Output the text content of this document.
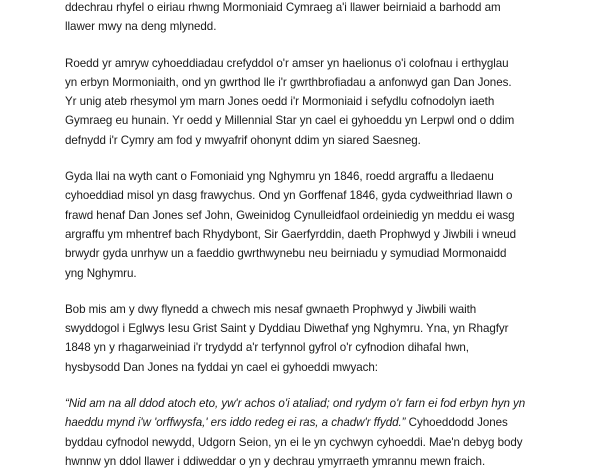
ddechrau rhyfel o eiriau rhwng Mormoniaid Cymraeg a'i llawer beirniaid a barhodd am
llawer mwy na deng mlynedd.
Roedd yr amryw cyhoeddiadau crefyddol o'r amser yn haelionus o'i colofnau i erthyglau
yn erbyn Mormoniaith, ond yn gwrthod lle i'r gwrthbrofiadau a anfonwyd gan Dan Jones.
Yr unig ateb rhesymol ym marn Jones oedd i'r Mormoniaid i sefydlu cofnodolyn iaeth
Gymraeg eu hunain. Yr oedd y Millennial Star yn cael ei gyhoeddu yn Lerpwl ond o ddim
defnydd i'r Cymry am fod y mwyafrif ohonynt ddim yn siared Saesneg.
Gyda llai na wyth cant o Fomoniaid yng Nghymru yn 1846, roedd argraffu a lledaenu
cyhoeddiad misol yn dasg frawychus. Ond yn Gorffenaf 1846, gyda cydweithriad llawn o
frawd henaf Dan Jones sef John, Gweinidog Cynulleidfaol ordeiniedig yn meddu ei wasg
argraffu ym mhentref bach Rhydybont, Sir Gaerfyrddin, daeth Prophwyd y Jiwbili i wneud
brwydr gyda unrhyw un a faeddio gwrthwynebu neu beirniadu y symudiad Mormonaidd
yng Nghymru.
Bob mis am y dwy flynedd a chwech mis nesaf gwnaeth Prophwyd y Jiwbili waith
swyddogol i Eglwys Iesu Grist Saint y Dyddiau Diwethaf yng Nghymru. Yna, yn Rhagfyr
1848 yn y rhagarweiniad i'r trydydd a'r terfynnol gyfrol o'r cyfnodion dihafal hwn,
hysbysodd Dan Jones na fyddai yn cael ei gyhoeddi mwyach:
“Nid am na all ddod atoch eto, yw'r achos o'i ataliad; ond rydym o'r farn ei fod erbyn hyn yn
haeddu mynd i'w 'orffwysfa,' ers iddo redeg ei ras, a chadw'r ffydd.” Cyhoeddodd Jones
byddau cyfnodol newydd, Udgorn Seion, yn ei le yn cychwyn cyhoeddi. Mae'n debyg body
hwnnw yn ddol llawer i ddiweddar o yn y dechrau ymyrraeth ymrannu mewn fraich.
